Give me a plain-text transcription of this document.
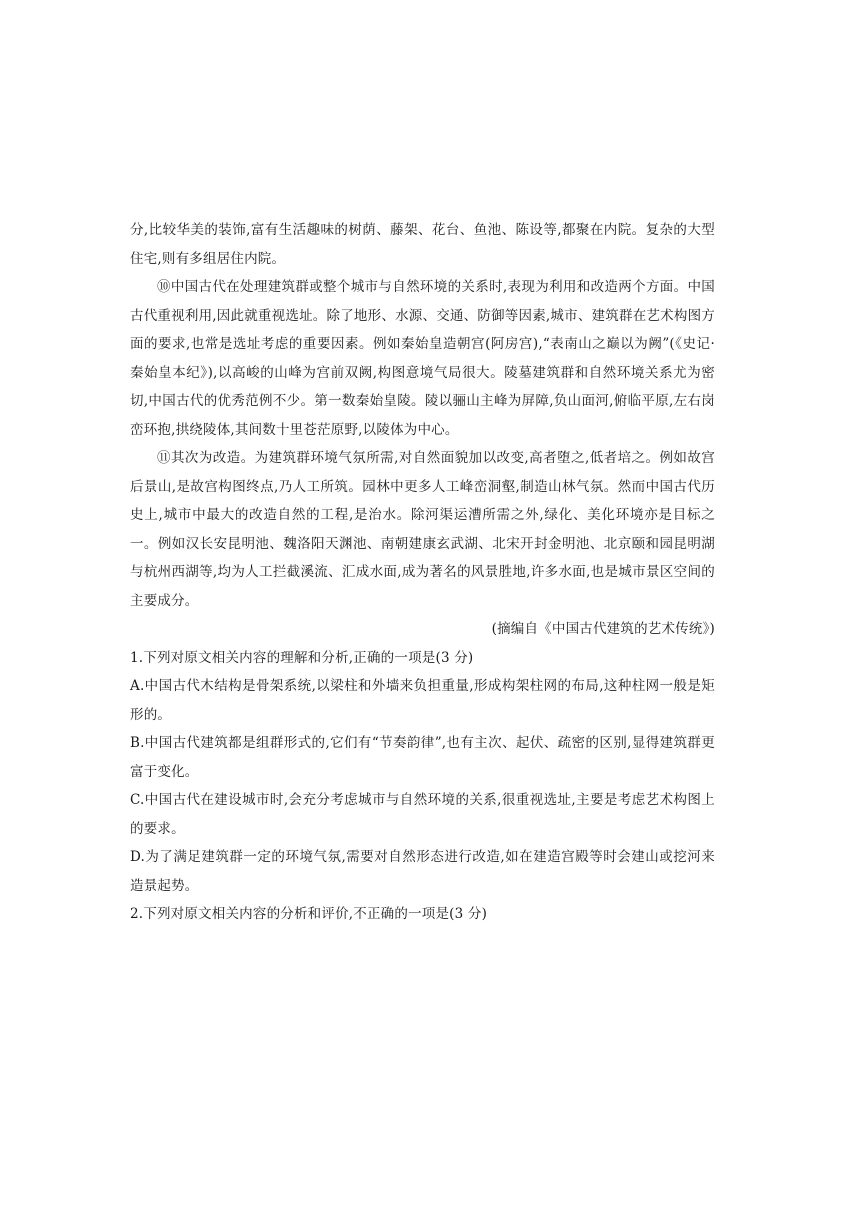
分,比较华美的装饰,富有生活趣味的树荫、藤架、花台、鱼池、陈设等,都聚在内院。复杂的大型住宅,则有多组居住内院。

⑩中国古代在处理建筑群或整个城市与自然环境的关系时,表现为利用和改造两个方面。中国古代重视利用,因此就重视选址。除了地形、水源、交通、防御等因素,城市、建筑群在艺术构图方面的要求,也常是选址考虑的重要因素。例如秦始皇造朝宫(阿房宫),“表南山之巅以为阙”(《史记·秦始皇本纪》),以高峻的山峰为宫前双阙,构图意境气局很大。陵墓建筑群和自然环境关系尤为密切,中国古代的优秀范例不少。第一数秦始皇陵。陵以骊山主峰为屏障,负山面河,俯临平原,左右岗峦环抱,拱绕陵体,其间数十里苍茫原野,以陵体为中心。

⑪其次为改造。为建筑群环境气氛所需,对自然面貌加以改变,高者堕之,低者培之。例如故宫后景山,是故宫构图终点,乃人工所筑。园林中更多人工峰峦洞壑,制造山林气氛。然而中国古代历史上,城市中最大的改造自然的工程,是治水。除河渠运漕所需之外,绿化、美化环境亦是目标之一。例如汉长安昆明池、魏洛阳天渊池、南朝建康玄武湖、北宋开封金明池、北京颐和园昆明湖与杭州西湖等,均为人工拦截溪流、汇成水面,成为著名的风景胜地,许多水面,也是城市景区空间的主要成分。

(摘编自《中国古代建筑的艺术传统》)

1.下列对原文相关内容的理解和分析,正确的一项是(3 分)

A.中国古代木结构是骨架系统,以梁柱和外墙来负担重量,形成构架柱网的布局,这种柱网一般是矩形的。

B.中国古代建筑都是组群形式的,它们有“节奏韵律”,也有主次、起伏、疏密的区别,显得建筑群更富于变化。

C.中国古代在建设城市时,会充分考虑城市与自然环境的关系,很重视选址,主要是考虑艺术构图上的要求。

D.为了满足建筑群一定的环境气氛,需要对自然形态进行改造,如在建造宫殿等时会建山或挖河来造景起势。

2.下列对原文相关内容的分析和评价,不正确的一项是(3 分)
